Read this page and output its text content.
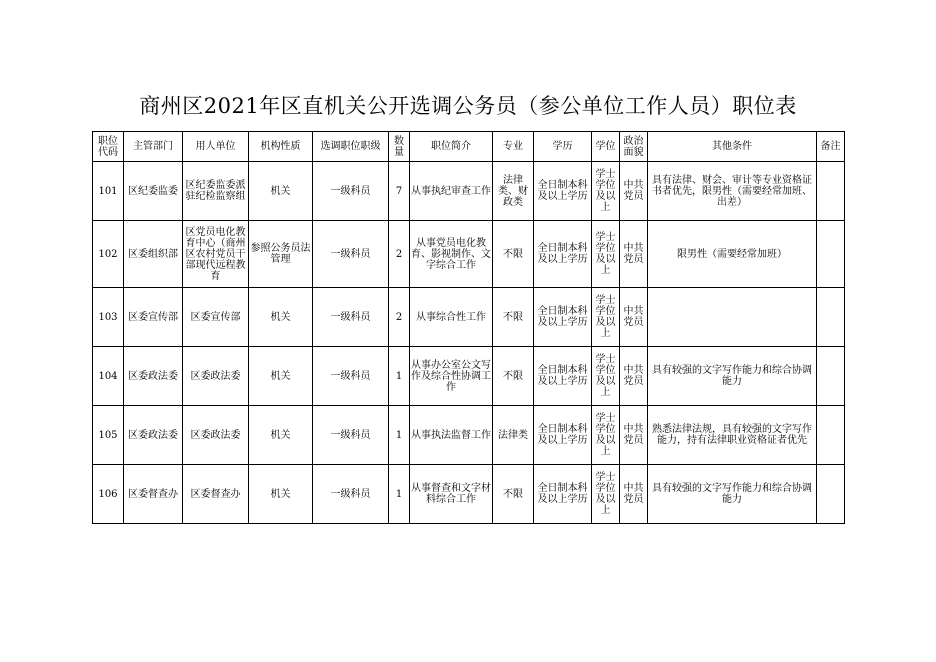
商州区2021年区直机关公开选调公务员（参公单位工作人员）职位表
职位代码	主管部门	用人单位	机构性质	选调职位职级	数量	职位简介	专业	学历	学位	政治面貌	其他条件	备注
101	区纪委监委	区纪委监委派驻纪检监察组	机关	一级科员	7	从事执纪审查工作	法律类、财政类	全日制本科及以上学历	学士学位及以上	中共党员	具有法律、财会、审计等专业资格证书者优先，限男性（需要经常加班、出差）	
102	区委组织部	区党员电化教育中心（商州区农村党员干部现代远程教育	参照公务员法管理	一级科员	2	从事党员电化教育、影视制作、文字综合工作	不限	全日制本科及以上学历	学士学位及以上	中共党员	限男性（需要经常加班）	
103	区委宣传部	区委宣传部	机关	一级科员	2	从事综合性工作	不限	全日制本科及以上学历	学士学位及以上	中共党员		
104	区委政法委	区委政法委	机关	一级科员	1	从事办公室公文写作及综合性协调工作	不限	全日制本科及以上学历	学士学位及以上	中共党员	具有较强的文字写作能力和综合协调能力	
105	区委政法委	区委政法委	机关	一级科员	1	从事执法监督工作	法律类	全日制本科及以上学历	学士学位及以上	中共党员	熟悉法律法规，具有较强的文字写作能力，持有法律职业资格证者优先	
106	区委督查办	区委督查办	机关	一级科员	1	从事督查和文字材料综合工作	不限	全日制本科及以上学历	学士学位及以上	中共党员	具有较强的文字写作能力和综合协调能力	
